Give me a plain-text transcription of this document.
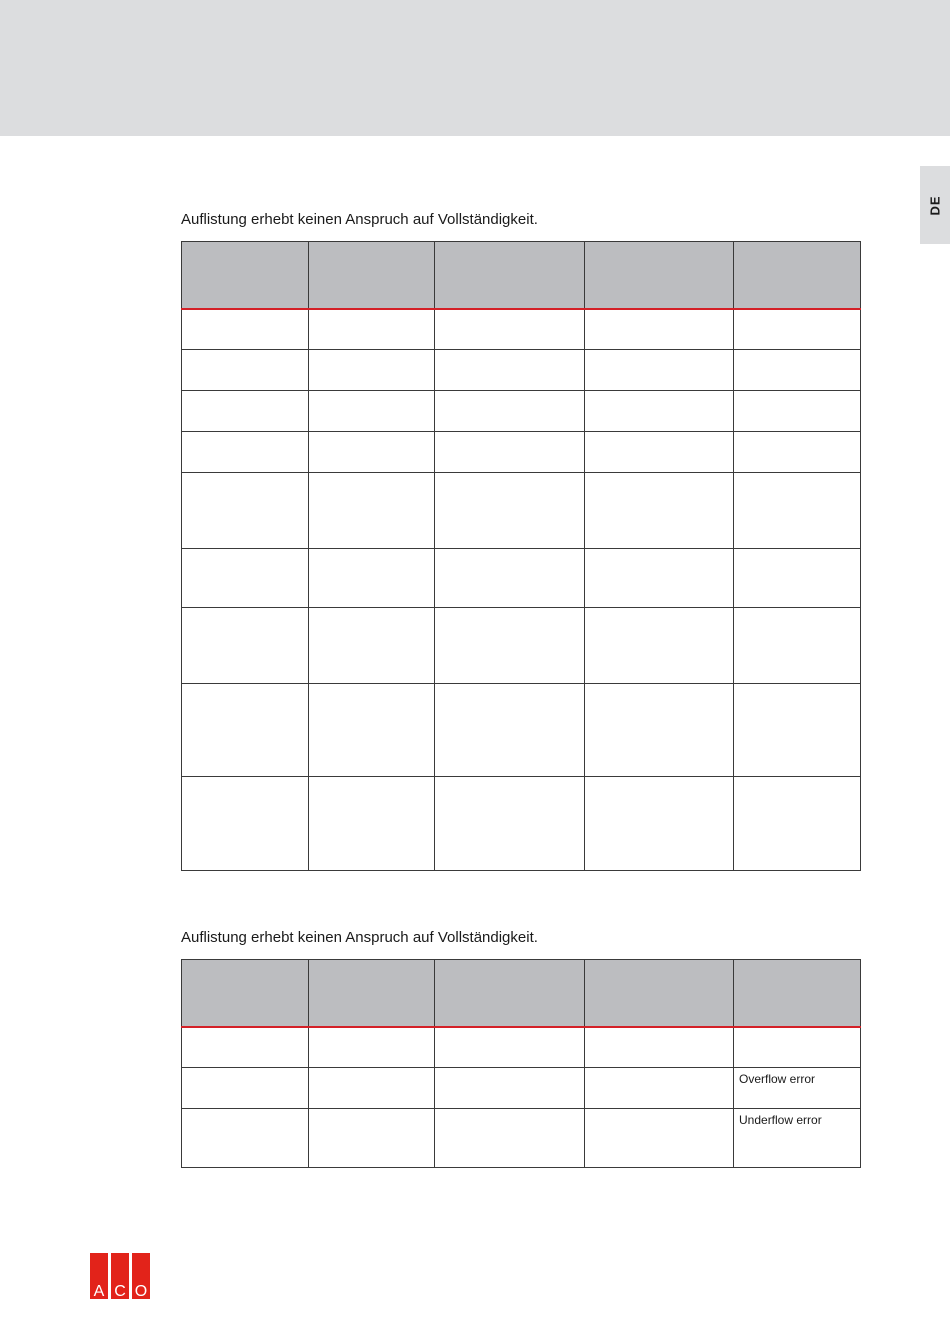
DE
Auflistung erhebt keinen Anspruch auf Vollständigkeit.

Auflistung erhebt keinen Anspruch auf Vollständigkeit.

				Overflow error

				Underflow error
A C O
